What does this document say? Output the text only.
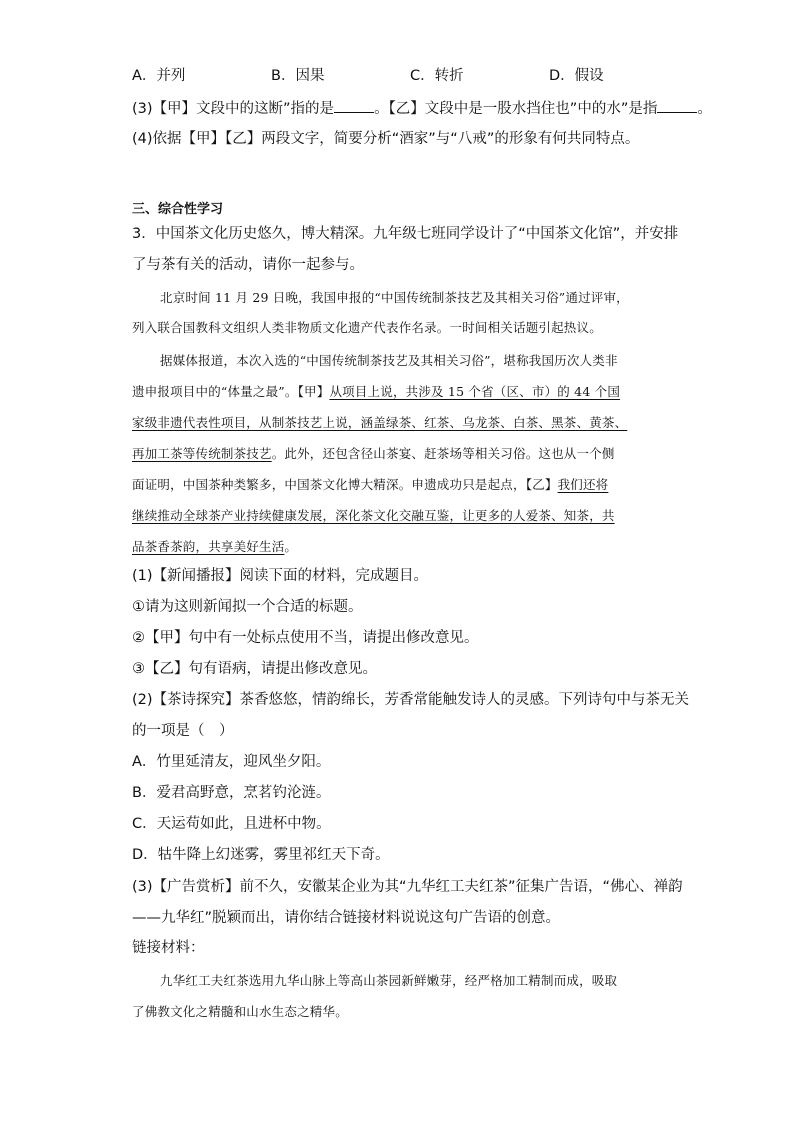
A．并列	B．因果	C．转折	D．假设
(3)【甲】文段中的这断”指的是	。【乙】文段中是一股水挡住也”中的水”是指	。
(4)依据【甲】【乙】两段文字，简要分析“酒家”与“八戒”的形象有何共同特点。
三、综合性学习
3．中国茶文化历史悠久，博大精深。九年级七班同学设计了“中国茶文化馆”，并安排
了与茶有关的活动，请你一起参与。
北京时间 11 月 29 日晚，我国申报的“中国传统制茶技艺及其相关习俗”通过评审，
列入联合国教科文组织人类非物质文化遗产代表作名录。一时间相关话题引起热议。
据媒体报道，本次入选的“中国传统制茶技艺及其相关习俗”，堪称我国历次人类非
遗申报项目中的“体量之最”。【甲】从项目上说，共涉及 15 个省（区、市）的 44 个国
家级非遗代表性项目，从制茶技艺上说，涵盖绿茶、红茶、乌龙茶、白茶、黑茶、黄茶、
再加工茶等传统制茶技艺。此外，还包含径山茶宴、赶茶场等相关习俗。这也从一个侧
面证明，中国茶种类繁多，中国茶文化博大精深。申遗成功只是起点，【乙】我们还将
继续推动全球茶产业持续健康发展，深化茶文化交融互鉴，让更多的人爱茶、知茶，共
品茶香茶韵，共享美好生活。
(1)【新闻播报】阅读下面的材料，完成题目。
①请为这则新闻拟一个合适的标题。
②【甲】句中有一处标点使用不当，请提出修改意见。
③【乙】句有语病，请提出修改意见。
(2)【茶诗探究】茶香悠悠，情韵绵长，芳香常能触发诗人的灵感。下列诗句中与茶无关
的一项是（　）
A．竹里延清友，迎风坐夕阳。
B．爱君高野意，烹茗钓沦涟。
C．天运苟如此，且进杯中物。
D．牯牛降上幻迷雾，雾里祁红天下奇。
(3)【广告赏析】前不久，安徽某企业为其“九华红工夫红茶”征集广告语，“佛心、禅韵
——九华红”脱颖而出，请你结合链接材料说说这句广告语的创意。
链接材料：
九华红工夫红茶选用九华山脉上等高山茶园新鲜嫩芽，经严格加工精制而成，吸取
了佛教文化之精髓和山水生态之精华。
